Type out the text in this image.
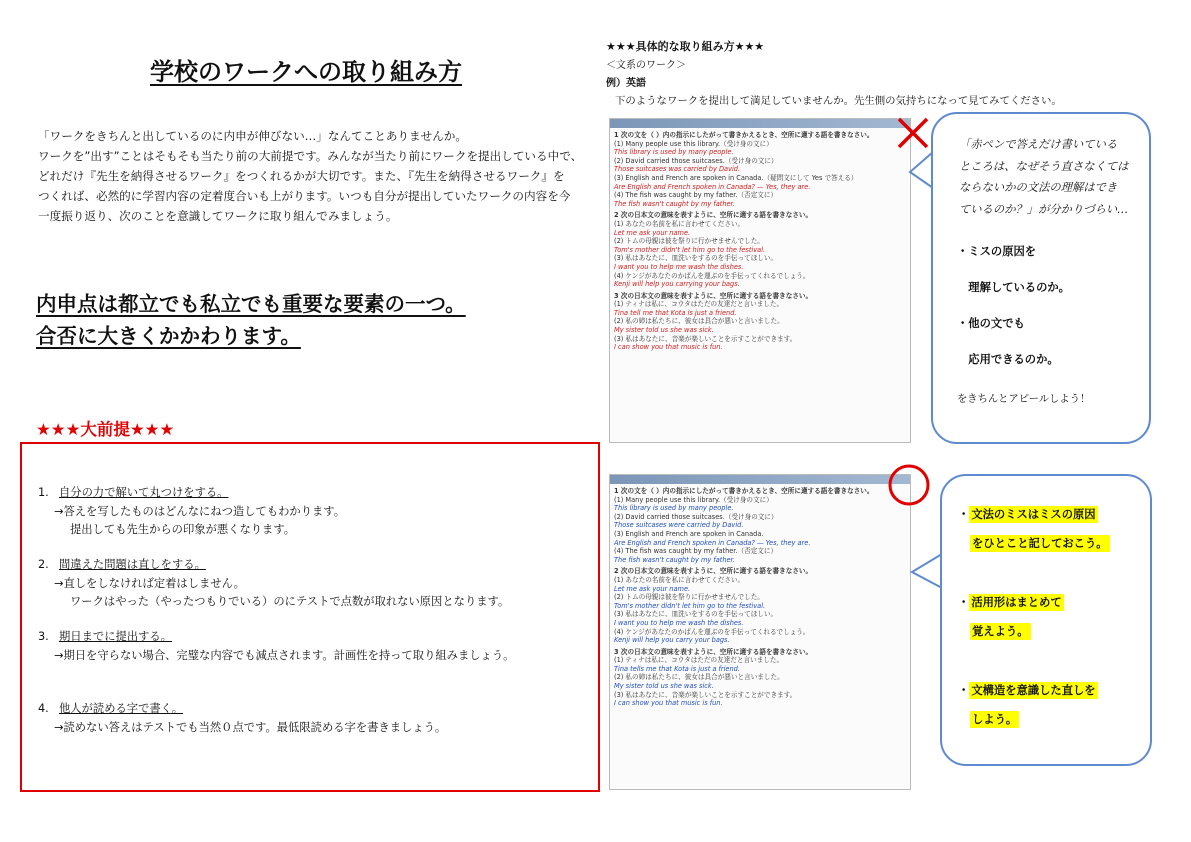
学校のワークへの取り組み方

「ワークをきちんと出しているのに内申が伸びない…」なんてことありませんか。

ワークを”出す”ことはそもそも当たり前の大前提です。みんなが当たり前にワークを提出している中で、

どれだけ『先生を納得させるワーク』をつくれるかが大切です。また、『先生を納得させるワーク』を

つくれば、必然的に学習内容の定着度合いも上がります。いつも自分が提出していたワークの内容を今

一度振り返り、次のことを意識してワークに取り組んでみましょう。

内申点は都立でも私立でも重要な要素の一つ。

合否に大きくかかわります。

★★★大前提★★★
1. 自分の力で解いて丸つけをする。
→答えを写したものはどんなにねつ造してもわかります。
提出しても先生からの印象が悪くなります。
2. 間違えた問題は直しをする。
→直しをしなければ定着はしません。
ワークはやった（やったつもりでいる）のにテストで点数が取れない原因となります。
3. 期日までに提出する。
→期日を守らない場合、完璧な内容でも減点されます。計画性を持って取り組みましょう。
4. 他人が読める字で書く。
→読めない答えはテストでも当然０点です。最低限読める字を書きましょう。
★★★具体的な取り組み方★★★
＜文系のワーク＞
例）英語
下のようなワークを提出して満足していませんか。先生側の気持ちになって見てみてください。
1 次の文を（ ）内の指示にしたがって書きかえるとき、空所に適する語を書きなさい。
(1) Many people use this library.（受け身の文に）
This library is used by many people.
(2) David carried those suitcases.（受け身の文に）
Those suitcases was carried by David.
(3) English and French are spoken in Canada.（疑問文にして Yes で答える）
Are English and French spoken in Canada? — Yes, they are.
(4) The fish was caught by my father.（否定文に）
The fish wasn't caught by my father.
2 次の日本文の意味を表すように、空所に適する語を書きなさい。
(1) あなたの名前を私に言わせてください。
Let me ask your name.
(2) トムの母親は彼を祭りに行かせませんでした。
Tom's mother didn't let him go to the festival.
(3) 私はあなたに、皿洗いをするのを手伝ってほしい。
I want you to help me wash the dishes.
(4) ケンジがあなたのかばんを運ぶのを手伝ってくれるでしょう。
Kenji will help you carrying your bags.
3 次の日本文の意味を表すように、空所に適する語を書きなさい。
(1) ティナは私に、コウタはただの友達だと言いました。
Tina tell me that Kota is just a friend.
(2) 私の姉は私たちに、彼女は具合が悪いと言いました。
My sister told us she was sick.
(3) 私はあなたに、音楽が楽しいことを示すことができます。
I can show you that music is fun.
1 次の文を（ ）内の指示にしたがって書きかえるとき、空所に適する語を書きなさい。
(1) Many people use this library.（受け身の文に）
This library is used by many people.
(2) David carried those suitcases.（受け身の文に）
Those suitcases were carried by David.
(3) English and French are spoken in Canada.
Are English and French spoken in Canada? — Yes, they are.
(4) The fish was caught by my father.（否定文に）
The fish wasn't caught by my father.
2 次の日本文の意味を表すように、空所に適する語を書きなさい。
(1) あなたの名前を私に言わせてください。
Let me ask your name.
(2) トムの母親は彼を祭りに行かせませんでした。
Tom's mother didn't let him go to the festival.
(3) 私はあなたに、皿洗いをするのを手伝ってほしい。
I want you to help me wash the dishes.
(4) ケンジがあなたのかばんを運ぶのを手伝ってくれるでしょう。
Kenji will help you carry your bags.
3 次の日本文の意味を表すように、空所に適する語を書きなさい。
(1) ティナは私に、コウタはただの友達だと言いました。
Tina tells me that Kota is just a friend.
(2) 私の姉は私たちに、彼女は具合が悪いと言いました。
My sister told us she was sick.
(3) 私はあなたに、音楽が楽しいことを示すことができます。
I can show you that music is fun.

「赤ペンで答えだけ書いている

ところは、なぜそう直さなくては

ならないかの文法の理解はでき

ているのか？」が分かりづらい…

・ミスの原因を

　理解しているのか。

・他の文でも

　応用できるのか。

をきちんとアピールしよう！

・ 文法のミスはミスの原因

をひとこと記しておこう。

・ 活用形はまとめて

覚えよう。

・ 文構造を意識した直しを

しよう。
